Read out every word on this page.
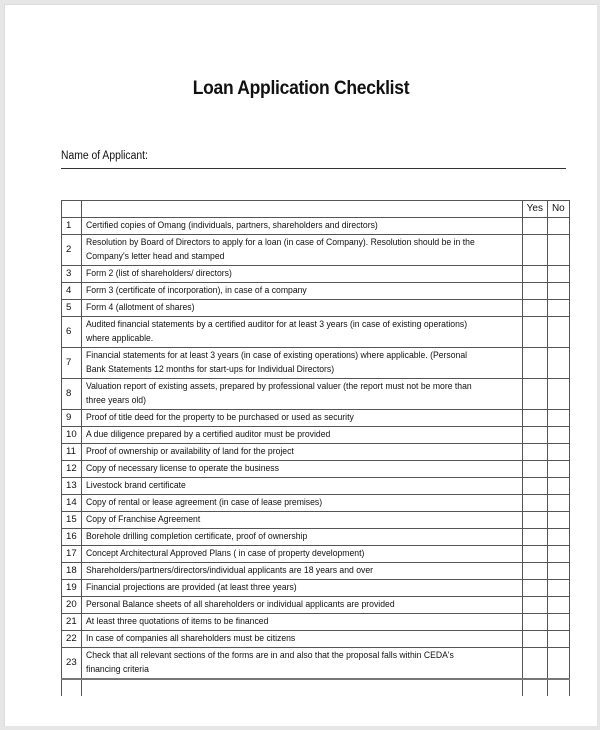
Loan Application Checklist
Name of Applicant:
		Yes	No
1	Certified copies of Omang (individuals, partners, shareholders and directors)		
2	Resolution by Board of Directors to apply for a loan (in case of Company). Resolution should be in the
Company's letter head and stamped		
3	Form 2 (list of shareholders/ directors)		
4	Form 3 (certificate of incorporation), in case of a company		
5	Form 4 (allotment of shares)		
6	Audited financial statements by a certified auditor for at least 3 years (in case of existing operations)
where applicable.		
7	Financial statements for at least 3 years (in case of existing operations) where applicable. (Personal
Bank Statements 12 months for start-ups for Individual Directors)		
8	Valuation report of existing assets, prepared by professional valuer (the report must not be more than
three years old)		
9	Proof of title deed for the property to be purchased or used as security		
10	A due diligence prepared by a certified auditor must be provided		
11	Proof of ownership or availability of land for the project		
12	Copy of necessary license to operate the business		
13	Livestock brand certificate		
14	Copy of rental or lease agreement (in case of lease premises)		
15	Copy of Franchise Agreement		
16	Borehole drilling completion certificate, proof of ownership		
17	Concept Architectural Approved Plans ( in case of property development)		
18	Shareholders/partners/directors/individual applicants are 18 years and over		
19	Financial projections are provided (at least three years)		
20	Personal Balance sheets of all shareholders or individual applicants are provided		
21	At least three quotations of items to be financed		
22	In case of companies all shareholders must be citizens		
23	Check that all relevant sections of the forms are in and also that the proposal falls within CEDA's
financing criteria		
